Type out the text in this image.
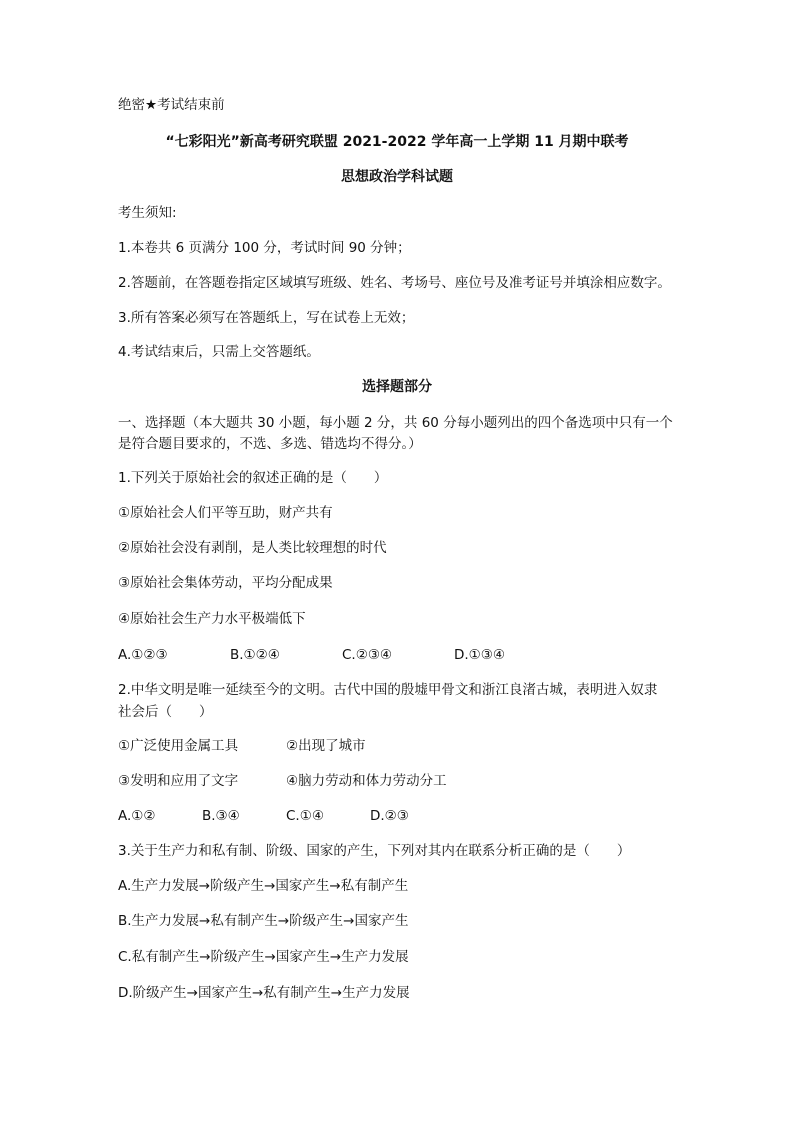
绝密★考试结束前
“七彩阳光”新高考研究联盟 2021-2022 学年高一上学期 11 月期中联考
思想政治学科试题
考生须知:
1.本卷共 6 页满分 100 分，考试时间 90 分钟；
2.答题前，在答题卷指定区域填写班级、姓名、考场号、座位号及准考证号并填涂相应数字。
3.所有答案必须写在答题纸上，写在试卷上无效；
4.考试结束后，只需上交答题纸。
选择题部分
一、选择题（本大题共 30 小题，每小题 2 分，共 60 分每小题列出的四个备选项中只有一个
是符合题目要求的，不选、多选、错选均不得分。）
1.下列关于原始社会的叙述正确的是（　　）
①原始社会人们平等互助，财产共有
②原始社会没有剥削，是人类比较理想的时代
③原始社会集体劳动，平均分配成果
④原始社会生产力水平极端低下
A.①②③	B.①②④	C.②③④	D.①③④
2.中华文明是唯一延续至今的文明。古代中国的殷墟甲骨文和浙江良渚古城，表明进入奴隶
社会后（　　）
①广泛使用金属工具	②出现了城市
③发明和应用了文字	④脑力劳动和体力劳动分工
A.①②	B.③④	C.①④	D.②③
3.关于生产力和私有制、阶级、国家的产生，下列对其内在联系分析正确的是（　　）
A.生产力发展→阶级产生→国家产生→私有制产生
B.生产力发展→私有制产生→阶级产生→国家产生
C.私有制产生→阶级产生→国家产生→生产力发展
D.阶级产生→国家产生→私有制产生→生产力发展
